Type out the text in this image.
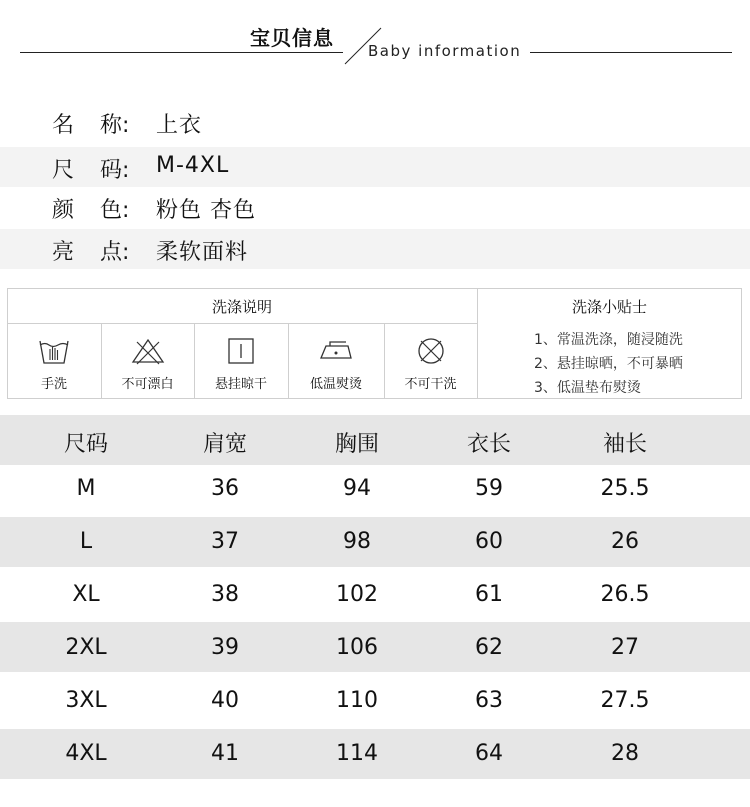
宝贝信息
Baby information
名 称: 上衣
尺 码: M-4XL
颜 色: 粉色 杏色
亮 点: 柔软面料
洗涤说明	洗涤小贴士
手洗	不可漂白	悬挂晾干	低温熨烫	不可干洗
1、常温洗涤，随浸随洗
2、悬挂晾晒，不可暴晒
3、低温垫布熨烫
尺码	肩宽	胸围	衣长	袖长
M	36	94	59	25.5
L	37	98	60	26
XL	38	102	61	26.5
2XL	39	106	62	27
3XL	40	110	63	27.5
4XL	41	114	64	28
